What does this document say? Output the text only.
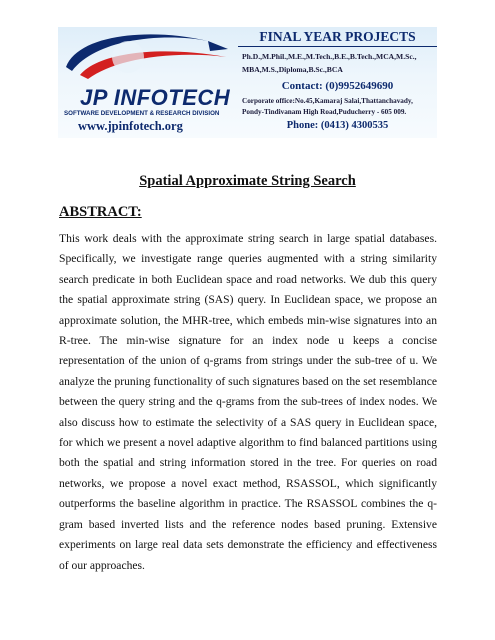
JP INFOTECH
SOFTWARE DEVELOPMENT & RESEARCH DIVISION
www.jpinfotech.org
FINAL YEAR PROJECTS
Ph.D.,M.Phil.,M.E.,M.Tech.,B.E.,B.Tech.,MCA,M.Sc.,
MBA,M.S.,Diploma,B.Sc.,BCA
Contact: (0)9952649690
Corporate office:No.45,Kamaraj Salai,Thattanchavady,
Pondy-Tindivanam High Road,Puducherry - 605 009.
Phone: (0413) 4300535
Spatial Approximate String Search
ABSTRACT:

This work deals with the approximate string search in large spatial databases. Specifically, we investigate range queries augmented with a string similarity search predicate in both Euclidean space and road networks. We dub this query the spatial approximate string (SAS) query. In Euclidean space, we propose an approximate solution, the MHR-tree, which embeds min-wise signatures into an R-tree. The min-wise signature for an index node u keeps a concise representation of the union of q-grams from strings under the sub-tree of u. We analyze the pruning functionality of such signatures based on the set resemblance between the query string and the q-grams from the sub-trees of index nodes. We also discuss how to estimate the selectivity of a SAS query in Euclidean space, for which we present a novel adaptive algorithm to find balanced partitions using both the spatial and string information stored in the tree. For queries on road networks, we propose a novel exact method, RSASSOL, which significantly outperforms the baseline algorithm in practice. The RSASSOL combines the q-gram based inverted lists and the reference nodes based pruning. Extensive experiments on large real data sets demonstrate the efficiency and effectiveness of our approaches.
